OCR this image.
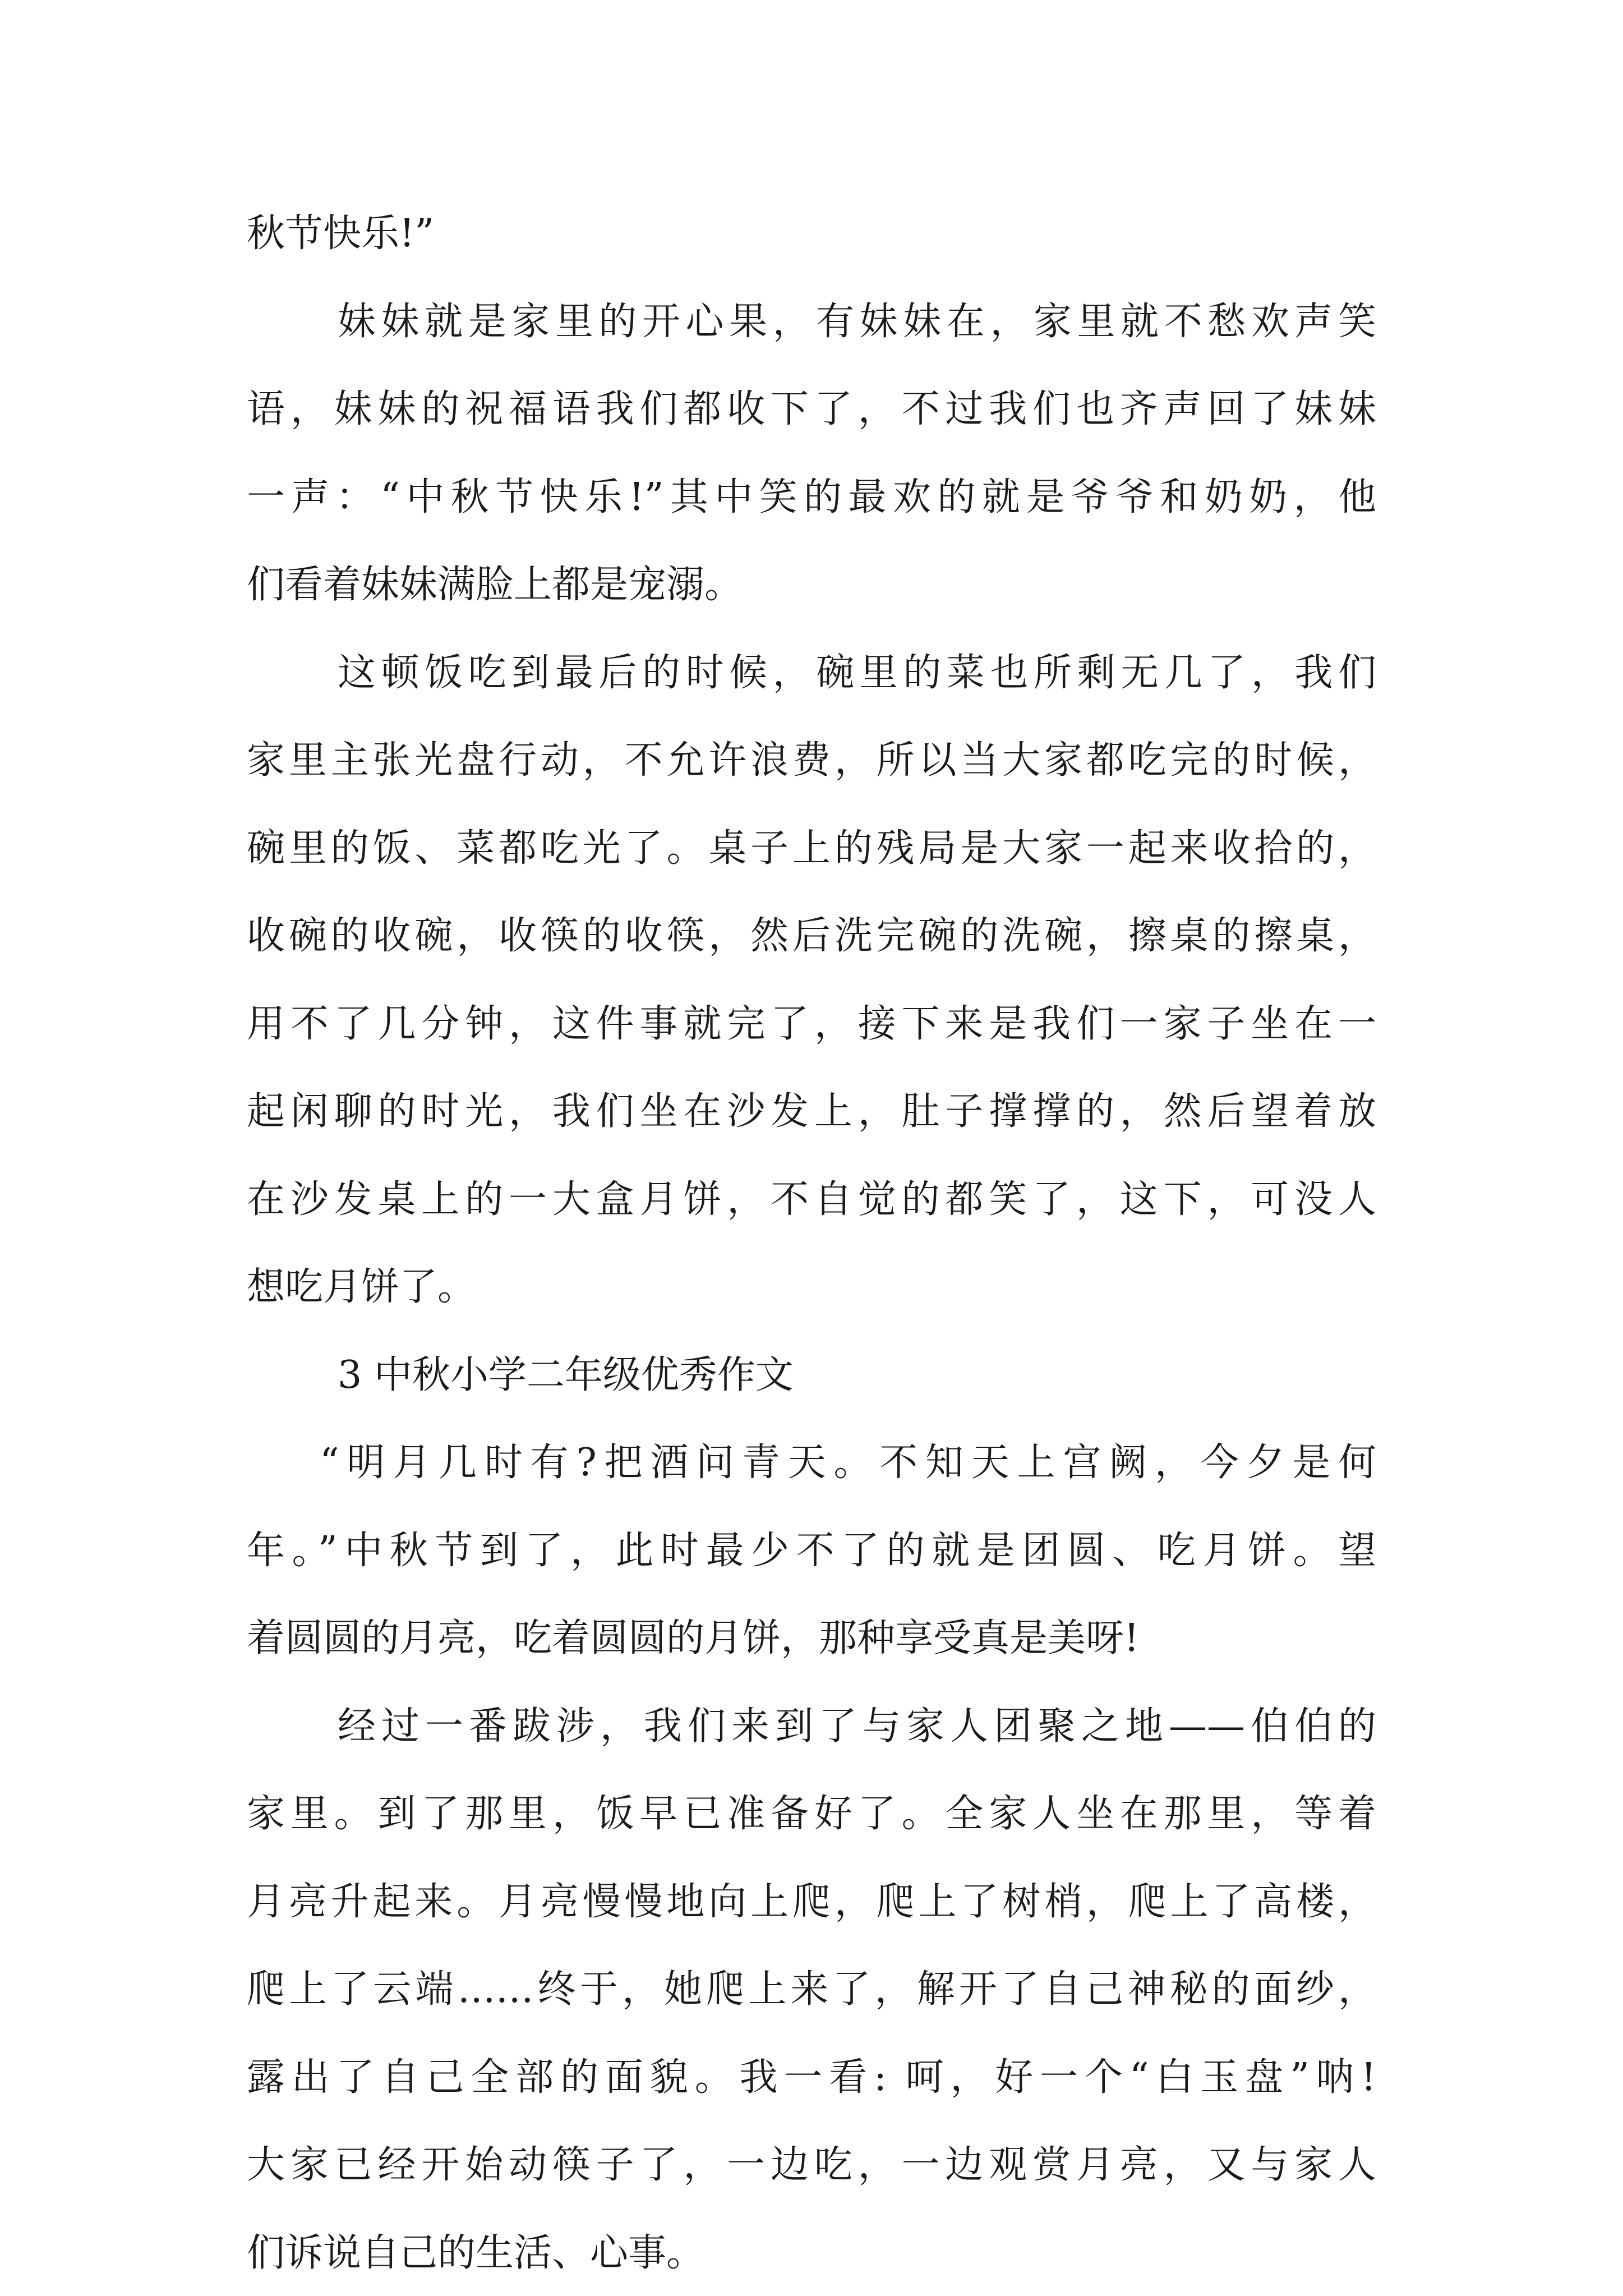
秋节快乐!”
妹妹就是家里的开心果，有妹妹在，家里就不愁欢声笑
语，妹妹的祝福语我们都收下了，不过我们也齐声回了妹妹
一声：“中秋节快乐!”其中笑的最欢的就是爷爷和奶奶，他
们看着妹妹满脸上都是宠溺。
这顿饭吃到最后的时候，碗里的菜也所剩无几了，我们
家里主张光盘行动，不允许浪费，所以当大家都吃完的时候，
碗里的饭、菜都吃光了。桌子上的残局是大家一起来收拾的，
收碗的收碗，收筷的收筷，然后洗完碗的洗碗，擦桌的擦桌，
用不了几分钟，这件事就完了，接下来是我们一家子坐在一
起闲聊的时光，我们坐在沙发上，肚子撑撑的，然后望着放
在沙发桌上的一大盒月饼，不自觉的都笑了，这下，可没人
想吃月饼了。
3 中秋小学二年级优秀作文
“明月几时有?把酒问青天。不知天上宫阙，今夕是何
年。”中秋节到了，此时最少不了的就是团圆、吃月饼。望
着圆圆的月亮，吃着圆圆的月饼，那种享受真是美呀!
经过一番跋涉，我们来到了与家人团聚之地——伯伯的
家里。到了那里，饭早已准备好了。全家人坐在那里，等着
月亮升起来。月亮慢慢地向上爬，爬上了树梢，爬上了高楼，
爬上了云端……终于，她爬上来了，解开了自己神秘的面纱，
露出了自己全部的面貌。我一看: 呵，好一个“白玉盘”呐!
大家已经开始动筷子了，一边吃，一边观赏月亮，又与家人
们诉说自己的生活、心事。
